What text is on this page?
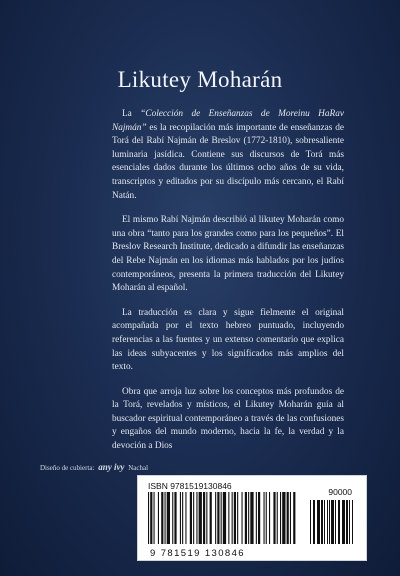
Likutey Moharán

La “Colección de Enseñanzas de Moreinu HaRav Najmán” es la recopilación más importante de enseñanzas de Torá del Rabí Najmán de Breslov (1772-1810), sobresaliente luminaria jasídica. Contiene sus discursos de Torá más esenciales dados durante los últimos ocho años de su vida, transcriptos y editados por su discípulo más cercano, el Rabí Natán.

El mismo Rabí Najmán describió al likutey Moharán como una obra “tanto para los grandes como para los pequeños”. El Breslov Research Institute, dedicado a difundir las enseñanzas del Rebe Najmán en los idiomas más hablados por los judíos contemporáneos, presenta la primera traducción del Likutey Moharán al español.

La traducción es clara y sigue fielmente el original acompañada por el texto hebreo puntuado, incluyendo referencias a las fuentes y un extenso comentario que explica las ideas subyacentes y los significados más amplios del texto.

Obra que arroja luz sobre los conceptos más profundos de la Torá, revelados y místicos, el Likutey Moharán guía al buscador espiritual contemporáneo a través de las confusiones y engaños del mundo moderno, hacia la fe, la verdad y la devoción a Dios

Diseño de cubierta: any ivy Nachal
ISBN 9781519130846
90000
9 781519 130846
